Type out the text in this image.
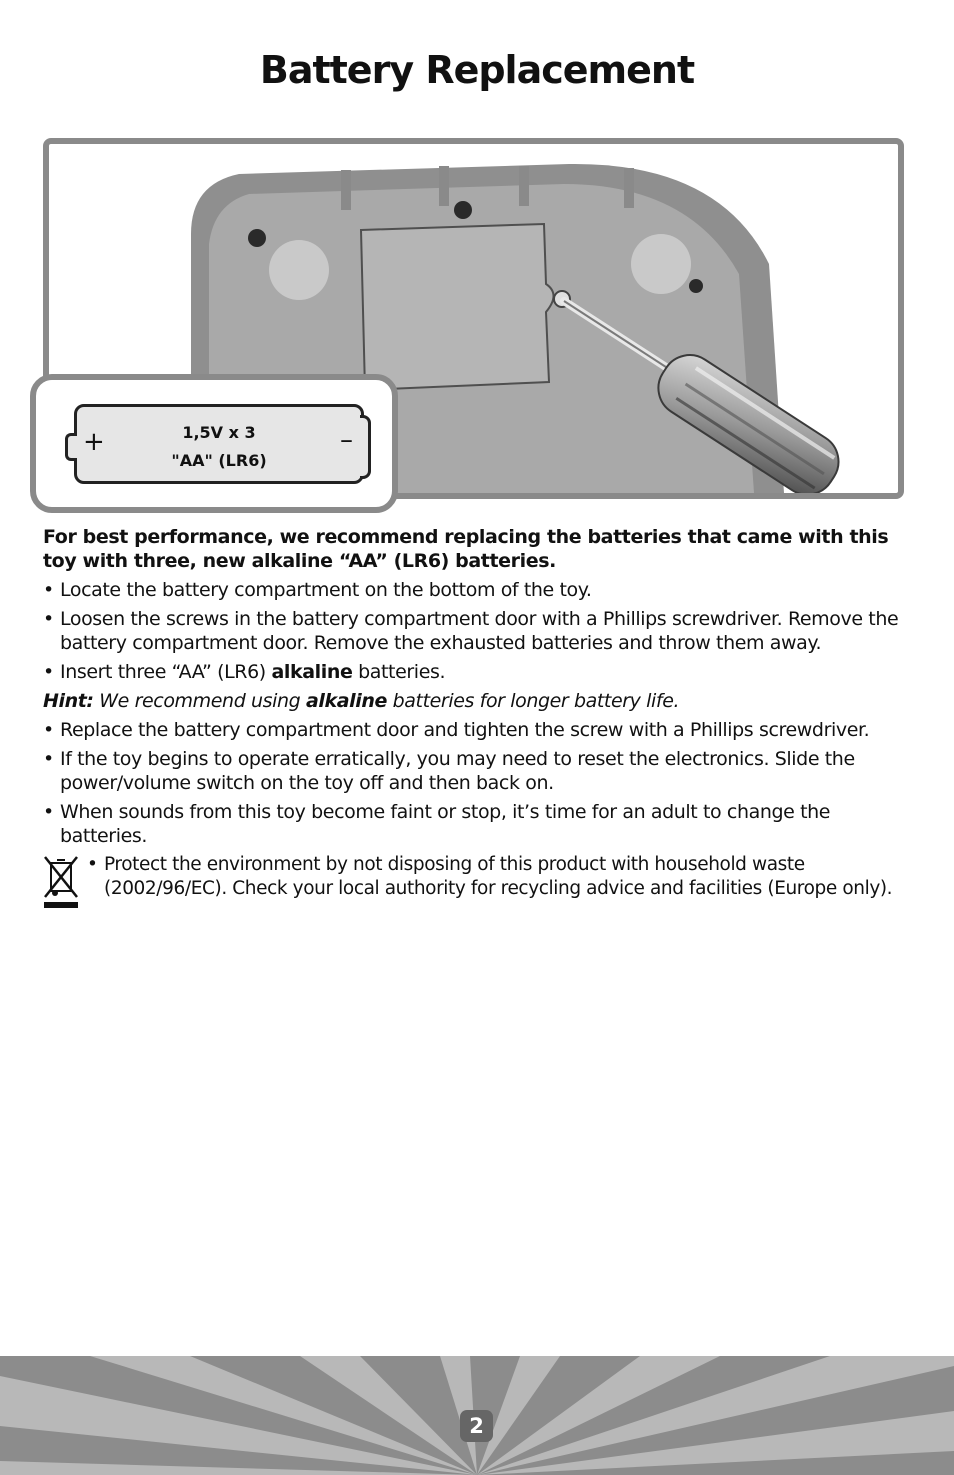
Battery Replacement
+	–
1,5V x 3
"AA" (LR6)

For best performance, we recommend replacing the batteries that came with this toy with three, new alkaline “AA” (LR6) batteries.

• Locate the battery compartment on the bottom of the toy.

• Loosen the screws in the battery compartment door with a Phillips screwdriver. Remove the battery compartment door. Remove the exhausted batteries and throw them away.

• Insert three “AA” (LR6) alkaline batteries.

Hint: We recommend using alkaline batteries for longer battery life.

• Replace the battery compartment door and tighten the screw with a Phillips screwdriver.

• If the toy begins to operate erratically, you may need to reset the electronics. Slide the power/volume switch on the toy off and then back on.

• When sounds from this toy become faint or stop, it’s time for an adult to change the batteries.

• Protect the environment by not disposing of this product with household waste (2002/96/EC). Check your local authority for recycling advice and facilities (Europe only).

2
